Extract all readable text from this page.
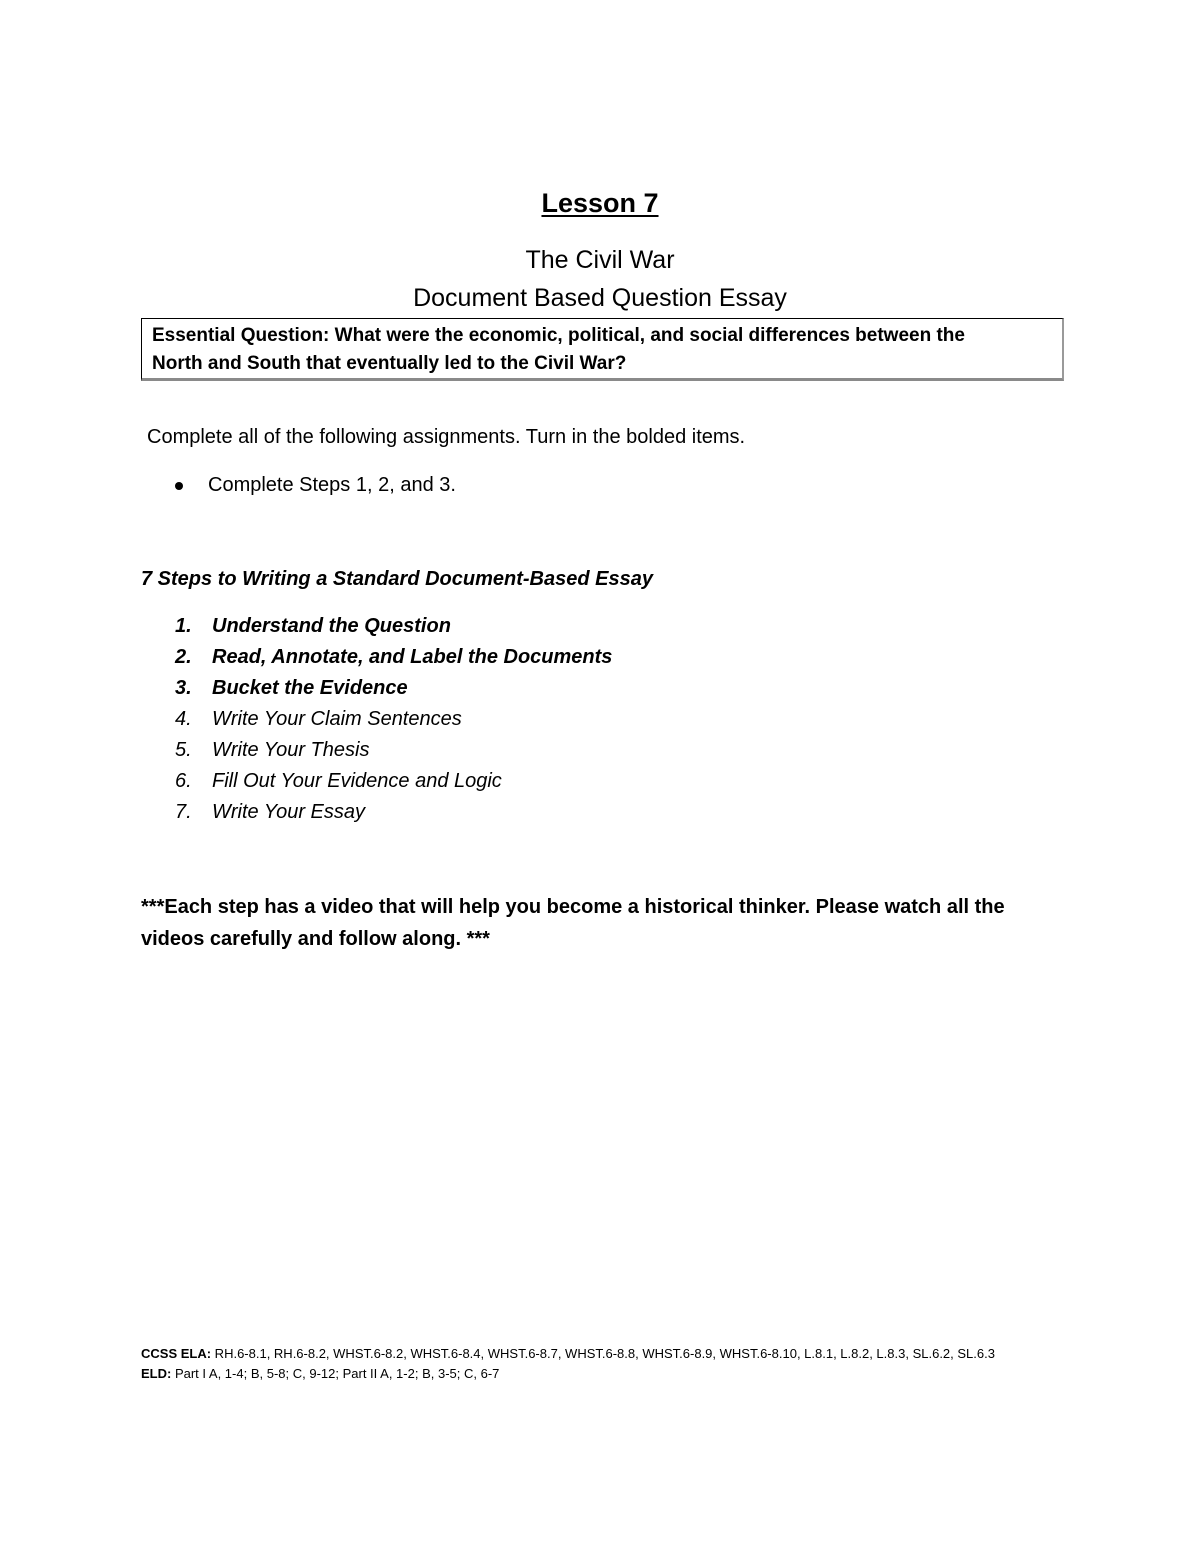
Lesson 7
The Civil War
Document Based Question Essay
Essential Question: What were the economic, political, and social differences between the
North and South that eventually led to the Civil War?
Complete all of the following assignments. Turn in the bolded items.
Complete Steps 1, 2, and 3.
7 Steps to Writing a Standard Document-Based Essay
1. Understand the Question
2. Read, Annotate, and Label the Documents
3. Bucket the Evidence
4. Write Your Claim Sentences
5. Write Your Thesis
6. Fill Out Your Evidence and Logic
7. Write Your Essay
***Each step has a video that will help you become a historical thinker. Please watch all the videos carefully and follow along. ***
CCSS ELA: RH.6-8.1, RH.6-8.2, WHST.6-8.2, WHST.6-8.4, WHST.6-8.7, WHST.6-8.8, WHST.6-8.9, WHST.6-8.10, L.8.1, L.8.2, L.8.3, SL.6.2, SL.6.3
ELD: Part I A, 1-4; B, 5-8; C, 9-12; Part II A, 1-2; B, 3-5; C, 6-7
